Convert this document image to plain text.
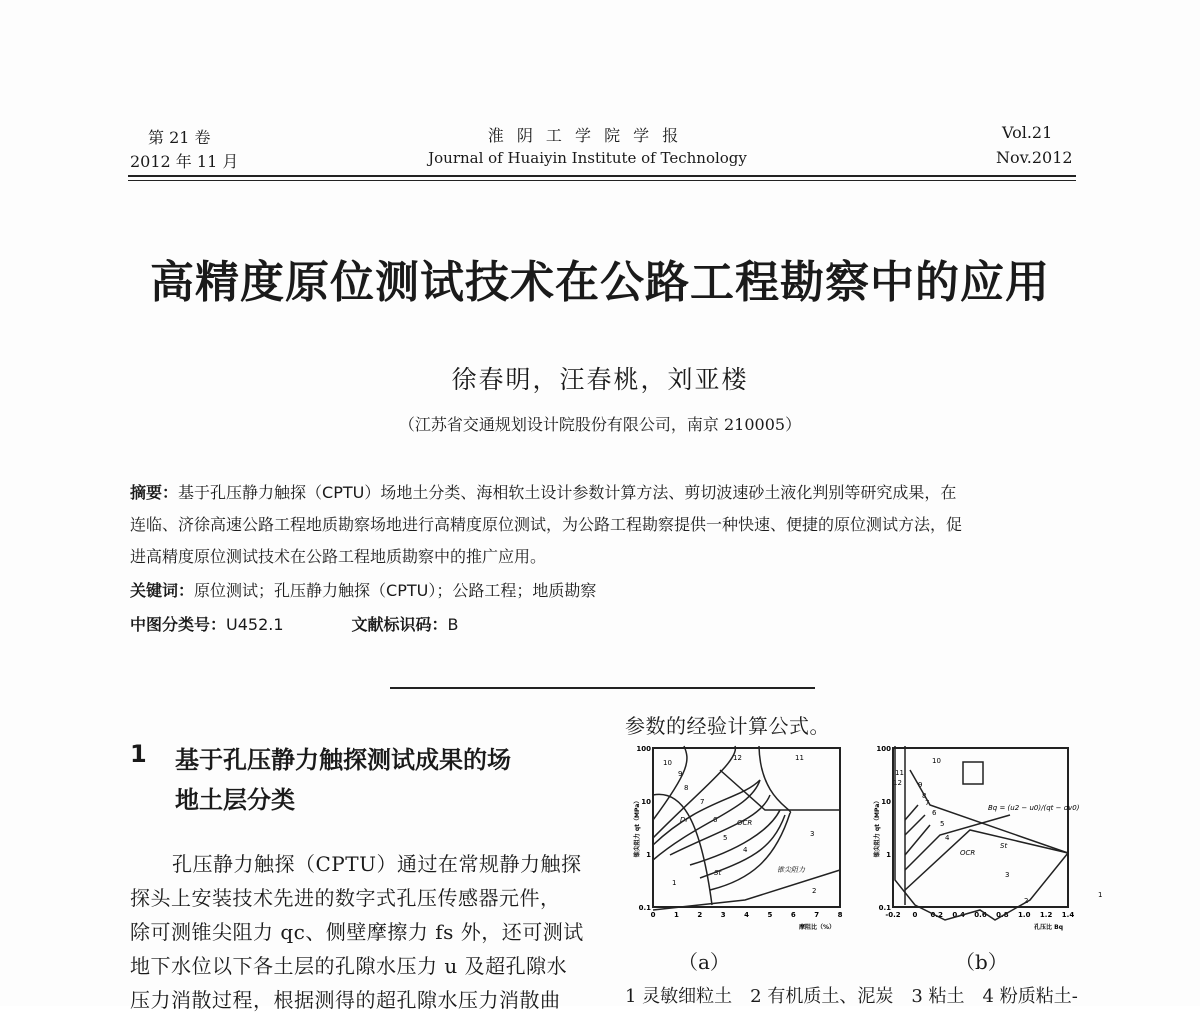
第 21 卷
2012 年 11 月
淮 阴 工 学 院 学 报
Journal of Huaiyin Institute of Technology
Vol.21
Nov.2012
高精度原位测试技术在公路工程勘察中的应用
徐春明，汪春桃，刘亚楼
（江苏省交通规划设计院股份有限公司，南京 210005）
摘要：基于孔压静力触探（CPTU）场地土分类、海相软土设计参数计算方法、剪切波速砂土液化判别等研究成果，在
连临、济徐高速公路工程地质勘察场地进行高精度原位测试，为公路工程勘察提供一种快速、便捷的原位测试方法，促
进高精度原位测试技术在公路工程地质勘察中的推广应用。
关键词：原位测试；孔压静力触探（CPTU）；公路工程；地质勘察
中图分类号：U452.1	文献标识码：B
1 基于孔压静力触探测试成果的场
地土层分类
孔压静力触探（CPTU）通过在常规静力触探
探头上安装技术先进的数字式孔压传感器元件，
除可测锥尖阻力 qc、侧壁摩擦力 fs 外，还可测试
地下水位以下各土层的孔隙水压力 u 及超孔隙水
压力消散过程，根据测得的超孔隙水压力消散曲
参数的经验计算公式。
0	1	2	3	4	5	6	7	8
0.1
1
10
100
摩阻比（%）
锥尖阻力 qt（MPa）
1
2
3
4
5
6
7
8
9
10
11
12
Dr	OCR
St	锥尖阻力
-0.2 0 0.2 0.4 0.6 0.8 1.0 1.2 1.4
0.1
1
10
100
孔压比 Bq
锥尖阻力 qt（MPa）
1
2
3
4
5
6
7
8
9
10
11
12
OCR
St
Bq = (u2 − u0)/(qt − σv0)
（a）	（b）
1 灵敏细粒土　2 有机质土、泥炭　3 粘土　4 粉质粘土-
